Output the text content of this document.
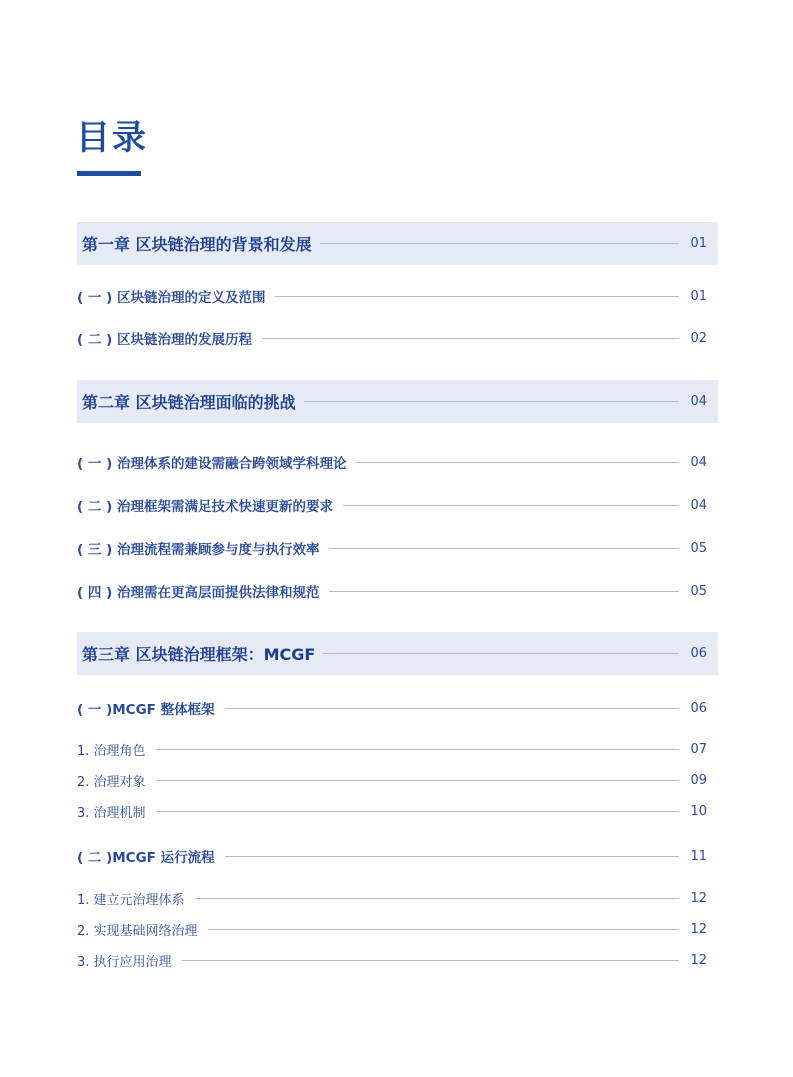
目录
第一章 区块链治理的背景和发展	01
( 一 ) 区块链治理的定义及范围	01
( 二 ) 区块链治理的发展历程	02
第二章 区块链治理面临的挑战	04
( 一 ) 治理体系的建设需融合跨领域学科理论	04
( 二 ) 治理框架需满足技术快速更新的要求	04
( 三 ) 治理流程需兼顾参与度与执行效率	05
( 四 ) 治理需在更高层面提供法律和规范	05
第三章 区块链治理框架：MCGF	06
( 一 )MCGF 整体框架	06
1. 治理角色	07
2. 治理对象	09
3. 治理机制	10
( 二 )MCGF 运行流程	11
1. 建立元治理体系	12
2. 实现基础网络治理	12
3. 执行应用治理	12
